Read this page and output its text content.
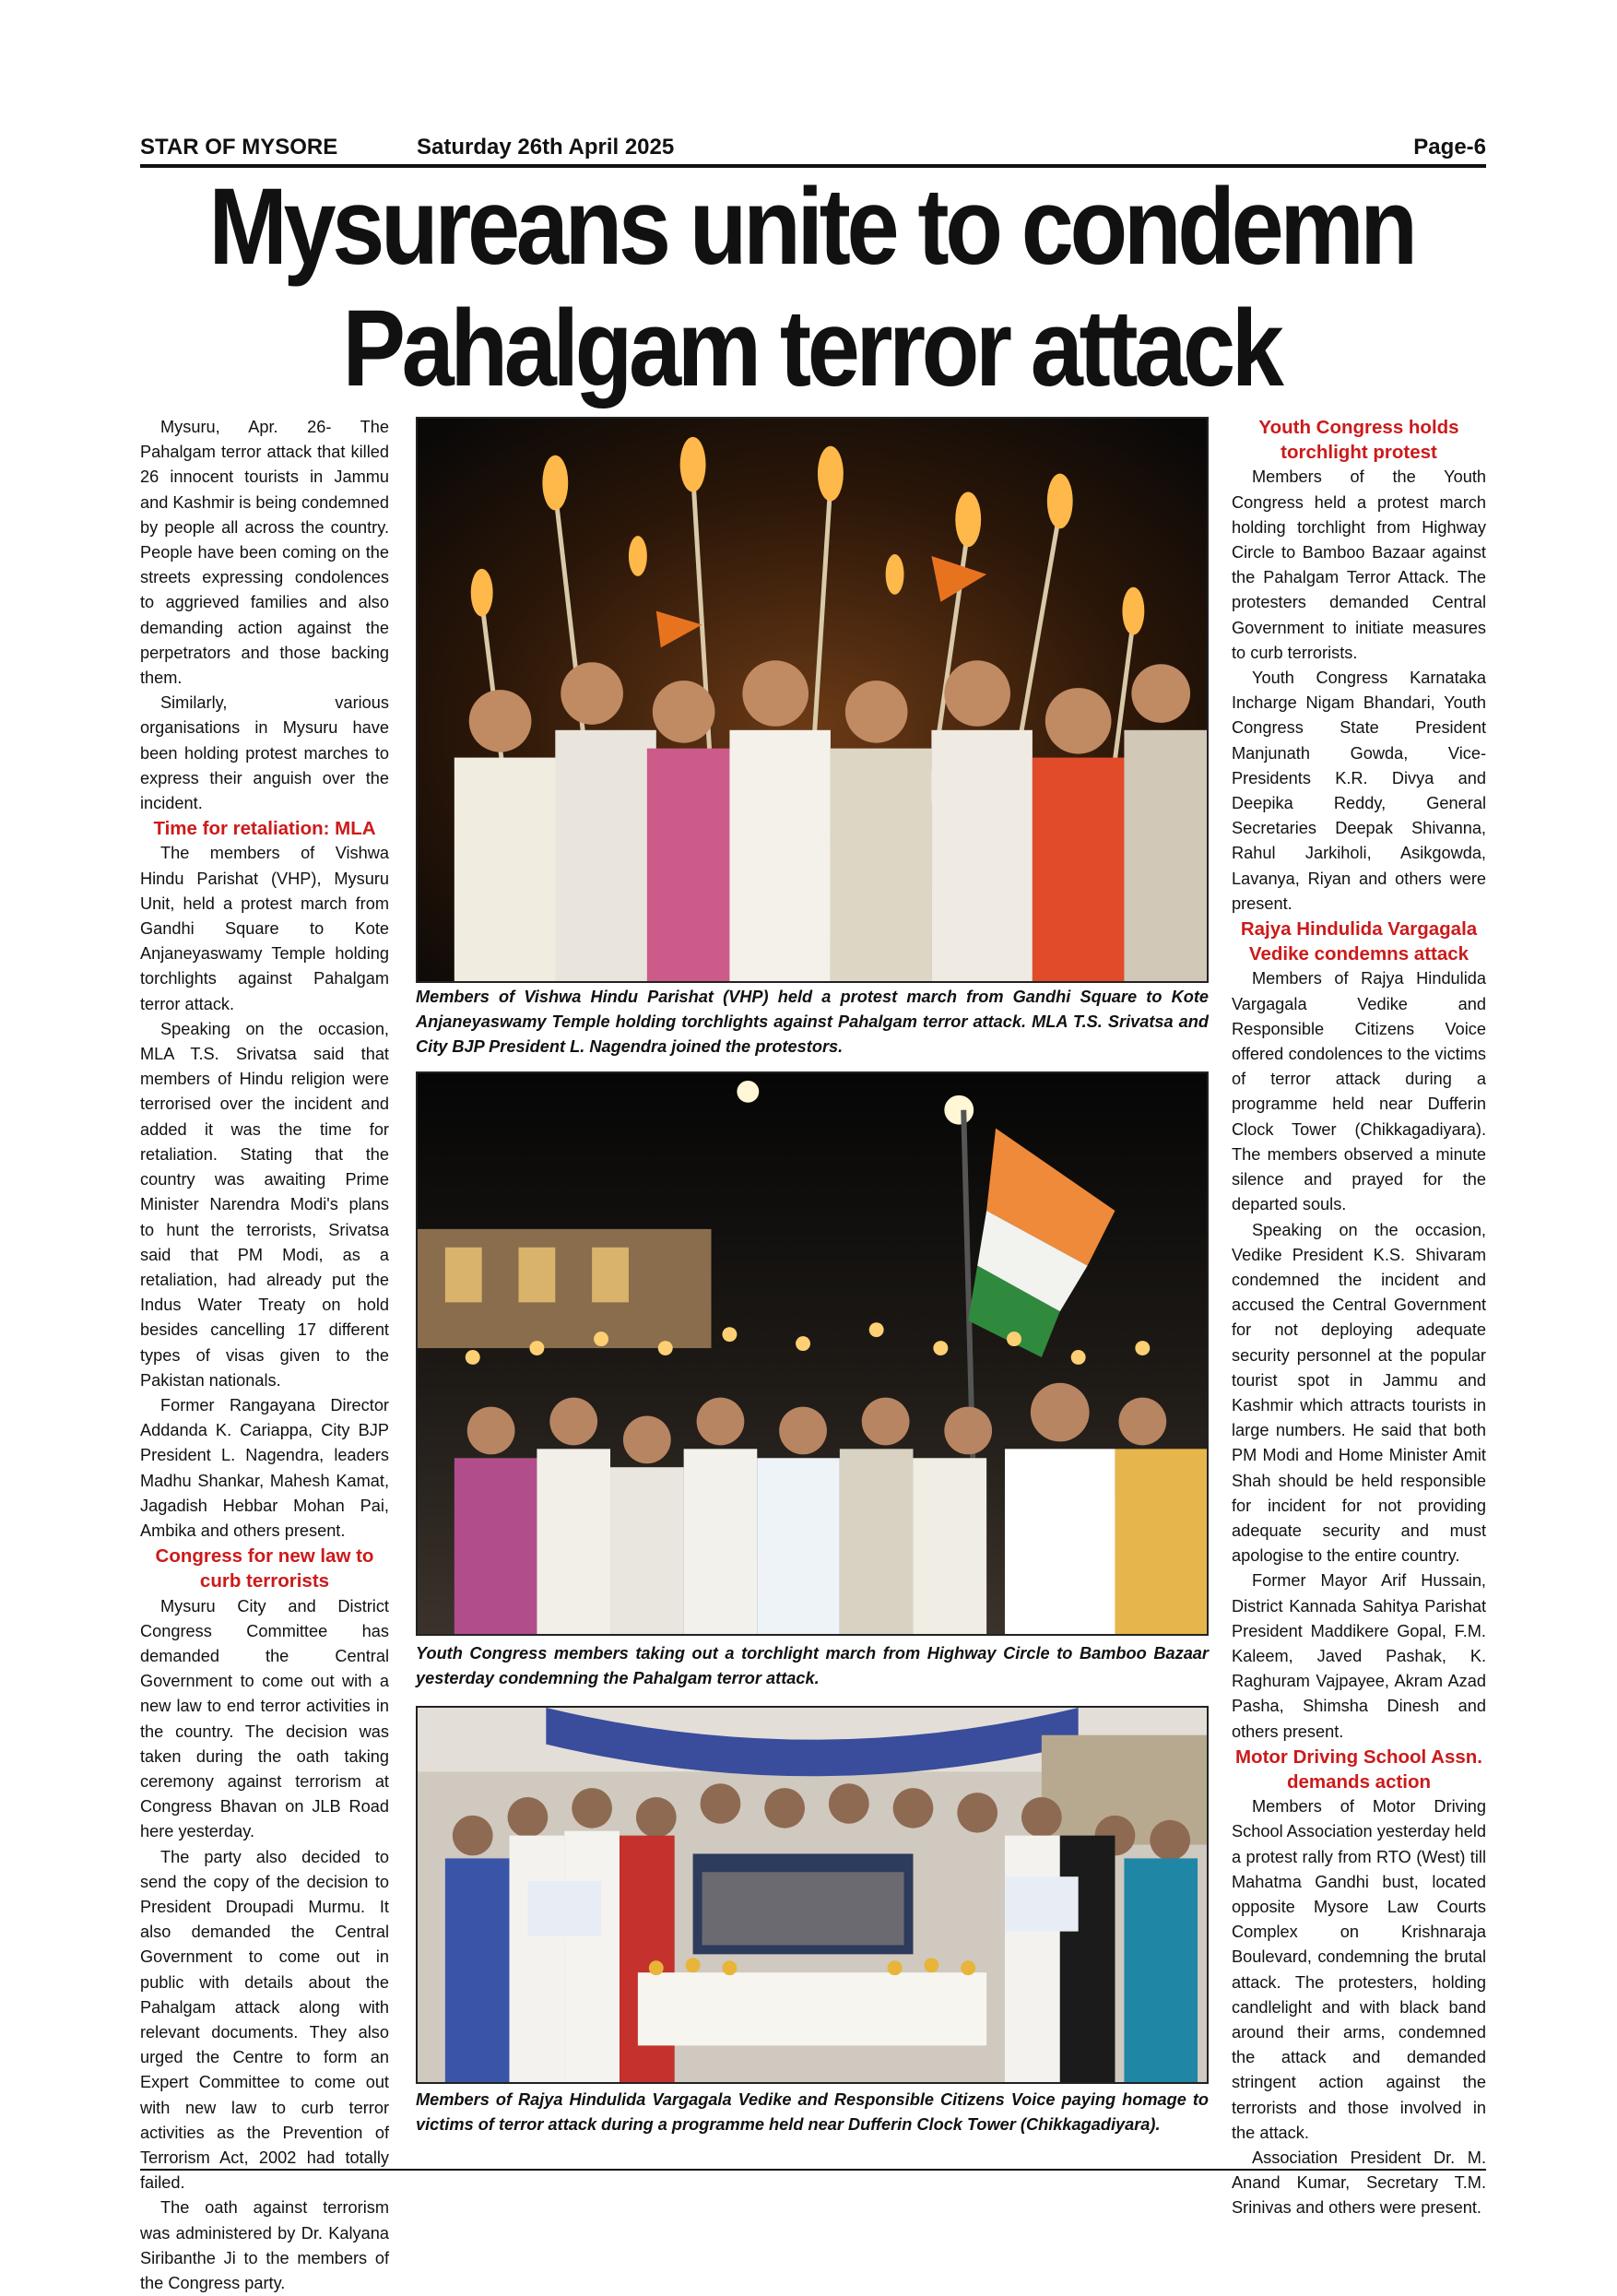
STAR OF MYSORE	Saturday 26th April 2025	Page-6
Mysureans unite to condemn
Pahalgam terror attack

Mysuru, Apr. 26- The Pahalgam terror attack that killed 26 innocent tourists in Jammu and Kashmir is being condemned by people all across the country. People have been coming on the streets expressing condolences to aggrieved families and also demanding action against the perpetrators and those backing them.

Similarly, various organisations in Mysuru have been holding protest marches to express their anguish over the incident.

Time for retaliation: MLA

The members of Vishwa Hindu Parishat (VHP), Mysuru Unit, held a protest march from Gandhi Square to Kote Anjaneyaswamy Temple holding torchlights against Pahalgam terror attack.

Speaking on the occasion, MLA T.S. Srivatsa said that members of Hindu religion were terrorised over the incident and added it was the time for retaliation. Stating that the country was awaiting Prime Minister Narendra Modi's plans to hunt the terrorists, Srivatsa said that PM Modi, as a retaliation, had already put the Indus Water Treaty on hold besides cancelling 17 different types of visas given to the Pakistan nationals.

Former Rangayana Director Addanda K. Cariappa, City BJP President L. Nagendra, leaders Madhu Shankar, Mahesh Kamat, Jagadish Hebbar Mohan Pai, Ambika and others present.

Congress for new law to curb terrorists

Mysuru City and District Congress Committee has demanded the Central Government to come out with a new law to end terror activities in the country. The decision was taken during the oath taking ceremony against terrorism at Congress Bhavan on JLB Road here yesterday.

The party also decided to send the copy of the decision to President Droupadi Murmu. It also demanded the Central Government to come out in public with details about the Pahalgam attack along with relevant documents. They also urged the Centre to form an Expert Committee to come out with new law to curb terror activities as the Prevention of Terrorism Act, 2002 had totally failed.

The oath against terrorism was administered by Dr. Kalyana Siribanthe Ji to the members of the Congress party.

Members of Vishwa Hindu Parishat (VHP) held a protest march from Gandhi Square to Kote Anjaneyaswamy Temple holding torchlights against Pahalgam terror attack. MLA T.S. Srivatsa and City BJP President L. Nagendra joined the protestors.
Youth Congress members taking out a torchlight march from Highway Circle to Bamboo Bazaar yesterday condemning the Pahalgam terror attack.
Members of Rajya Hindulida Vargagala Vedike and Responsible Citizens Voice paying homage to victims of terror attack during a programme held near Dufferin Clock Tower (Chikkagadiyara).
Youth Congress holds torchlight protest

Members of the Youth Congress held a protest march holding torchlight from Highway Circle to Bamboo Bazaar against the Pahalgam Terror Attack. The protesters demanded Central Government to initiate measures to curb terrorists.

Youth Congress Karnataka Incharge Nigam Bhandari, Youth Congress State President Manjunath Gowda, Vice-Presidents K.R. Divya and Deepika Reddy, General Secretaries Deepak Shivanna, Rahul Jarkiholi, Asikgowda, Lavanya, Riyan and others were present.

Rajya Hindulida Vargagala Vedike condemns attack

Members of Rajya Hindulida Vargagala Vedike and Responsible Citizens Voice offered condolences to the victims of terror attack during a programme held near Dufferin Clock Tower (Chikkagadiyara). The members observed a minute silence and prayed for the departed souls.

Speaking on the occasion, Vedike President K.S. Shivaram condemned the incident and accused the Central Government for not deploying adequate security personnel at the popular tourist spot in Jammu and Kashmir which attracts tourists in large numbers. He said that both PM Modi and Home Minister Amit Shah should be held responsible for incident for not providing adequate security and must apologise to the entire country.

Former Mayor Arif Hussain, District Kannada Sahitya Parishat President Maddikere Gopal, F.M. Kaleem, Javed Pashak, K. Raghuram Vajpayee, Akram Azad Pasha, Shimsha Dinesh and others present.

Motor Driving School Assn. demands action

Members of Motor Driving School Association yesterday held a protest rally from RTO (West) till Mahatma Gandhi bust, located opposite Mysore Law Courts Complex on Krishnaraja Boulevard, condemning the brutal attack. The protesters, holding candlelight and with black band around their arms, condemned the attack and demanded stringent action against the terrorists and those involved in the attack.

Association President Dr. M. Anand Kumar, Secretary T.M. Srinivas and others were present.
